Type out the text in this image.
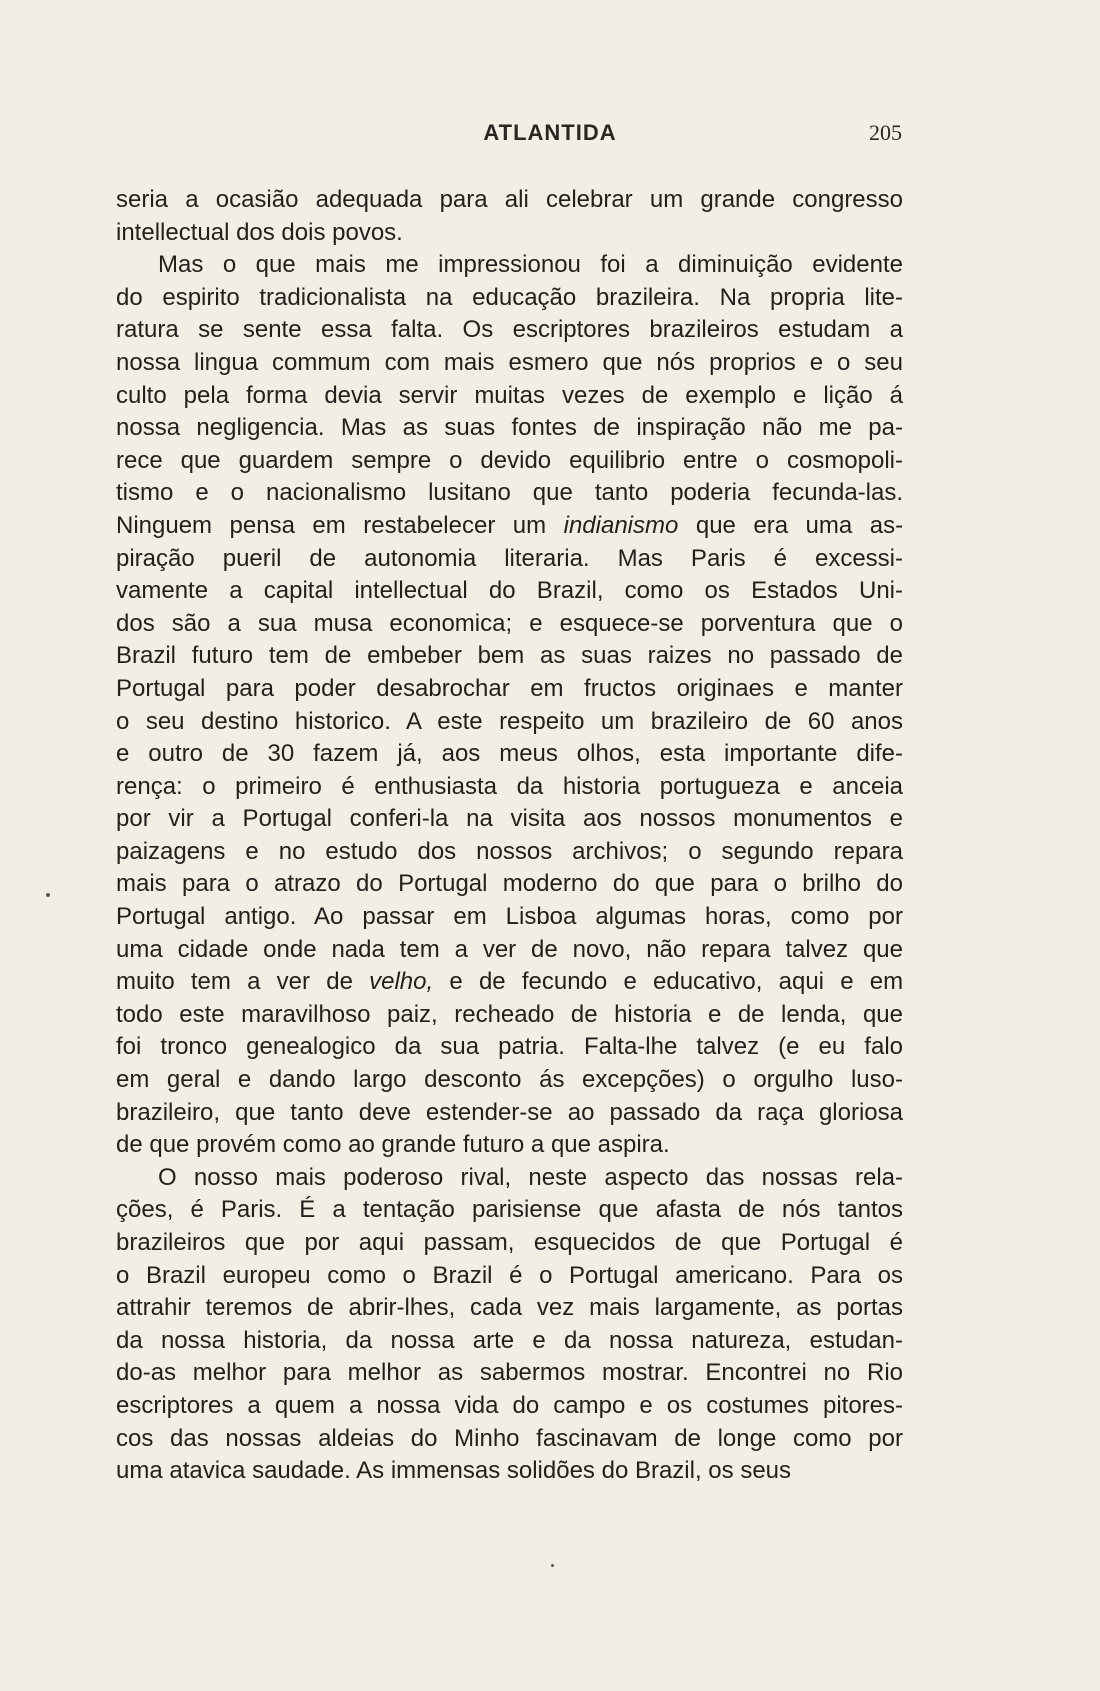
ATLANTIDA	205

seria a ocasião adequada para ali celebrar um grande congresso
intellectual dos dois povos.

Mas o que mais me impressionou foi a diminuição evidente
do espirito tradicionalista na educação brazileira. Na propria lite-
ratura se sente essa falta. Os escriptores brazileiros estudam a
nossa lingua commum com mais esmero que nós proprios e o seu
culto pela forma devia servir muitas vezes de exemplo e lição á
nossa negligencia. Mas as suas fontes de inspiração não me pa-
rece que guardem sempre o devido equilibrio entre o cosmopoli-
tismo e o nacionalismo lusitano que tanto poderia fecunda-las.
Ninguem pensa em restabelecer um indianismo que era uma as-
piração pueril de autonomia literaria. Mas Paris é excessi-
vamente a capital intellectual do Brazil, como os Estados Uni-
dos são a sua musa economica; e esquece-se porventura que o
Brazil futuro tem de embeber bem as suas raizes no passado de
Portugal para poder desabrochar em fructos originaes e manter
o seu destino historico. A este respeito um brazileiro de 60 anos
e outro de 30 fazem já, aos meus olhos, esta importante dife-
rença: o primeiro é enthusiasta da historia portugueza e anceia
por vir a Portugal conferi-la na visita aos nossos monumentos e
paizagens e no estudo dos nossos archivos; o segundo repara
mais para o atrazo do Portugal moderno do que para o brilho do
Portugal antigo. Ao passar em Lisboa algumas horas, como por
uma cidade onde nada tem a ver de novo, não repara talvez que
muito tem a ver de velho, e de fecundo e educativo, aqui e em
todo este maravilhoso paiz, recheado de historia e de lenda, que
foi tronco genealogico da sua patria. Falta-lhe talvez (e eu falo
em geral e dando largo desconto ás excepções) o orgulho luso-
brazileiro, que tanto deve estender-se ao passado da raça gloriosa
de que provém como ao grande futuro a que aspira.

O nosso mais poderoso rival, neste aspecto das nossas rela-
ções, é Paris. É a tentação parisiense que afasta de nós tantos
brazileiros que por aqui passam, esquecidos de que Portugal é
o Brazil europeu como o Brazil é o Portugal americano. Para os
attrahir teremos de abrir-lhes, cada vez mais largamente, as portas
da nossa historia, da nossa arte e da nossa natureza, estudan-
do-as melhor para melhor as sabermos mostrar. Encontrei no Rio
escriptores a quem a nossa vida do campo e os costumes pitores-
cos das nossas aldeias do Minho fascinavam de longe como por
uma atavica saudade. As immensas solidões do Brazil, os seus
